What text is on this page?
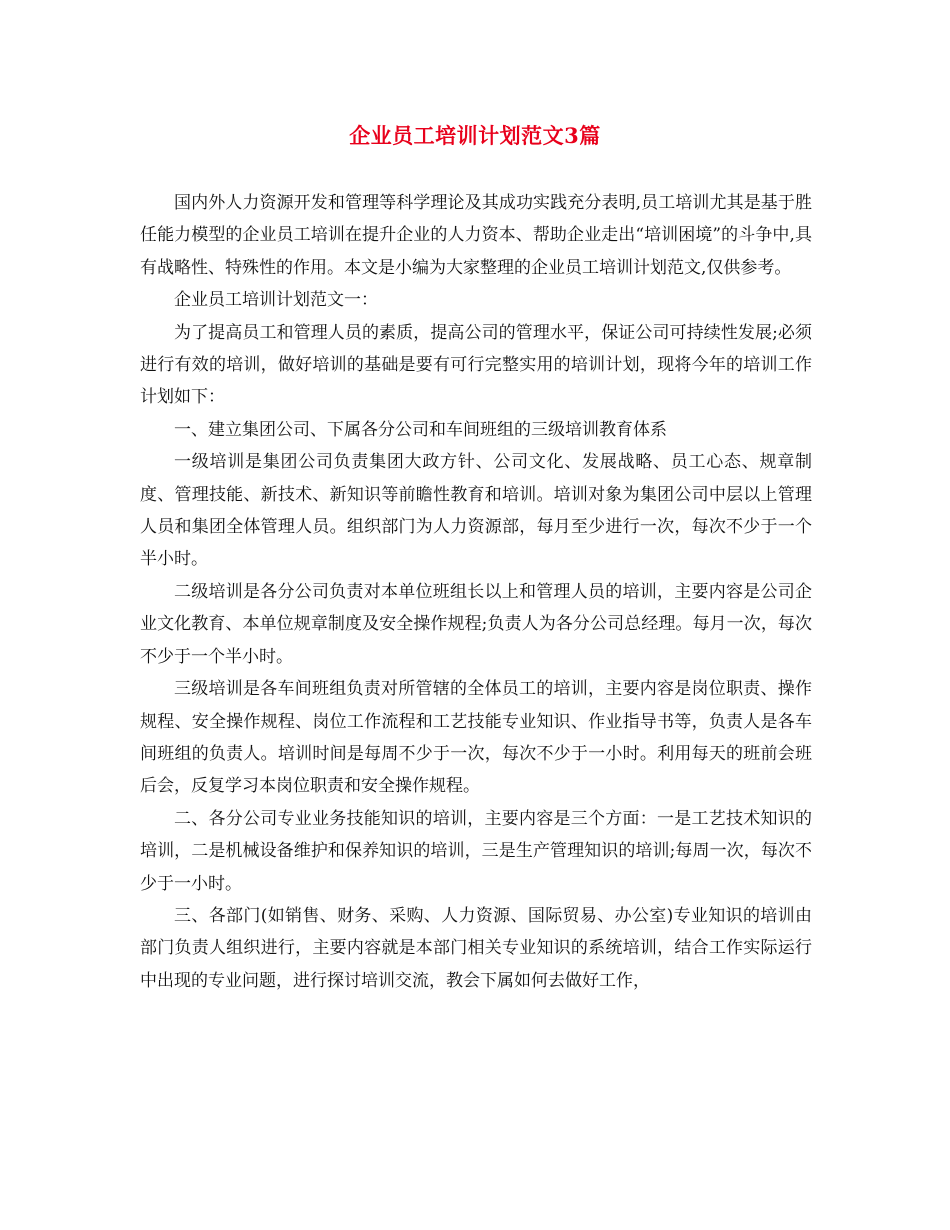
企业员工培训计划范文3篇

国内外人力资源开发和管理等科学理论及其成功实践充分表明,员工培训尤其是基于胜任能力模型的企业员工培训在提升企业的人力资本、帮助企业走出“培训困境”的斗争中,具有战略性、特殊性的作用。本文是小编为大家整理的企业员工培训计划范文,仅供参考。

企业员工培训计划范文一：

为了提高员工和管理人员的素质，提高公司的管理水平，保证公司可持续性发展;必须进行有效的培训，做好培训的基础是要有可行完整实用的培训计划，现将今年的培训工作计划如下：

一、建立集团公司、下属各分公司和车间班组的三级培训教育体系

一级培训是集团公司负责集团大政方针、公司文化、发展战略、员工心态、规章制度、管理技能、新技术、新知识等前瞻性教育和培训。培训对象为集团公司中层以上管理人员和集团全体管理人员。组织部门为人力资源部，每月至少进行一次，每次不少于一个半小时。

二级培训是各分公司负责对本单位班组长以上和管理人员的培训，主要内容是公司企业文化教育、本单位规章制度及安全操作规程;负责人为各分公司总经理。每月一次，每次不少于一个半小时。

三级培训是各车间班组负责对所管辖的全体员工的培训，主要内容是岗位职责、操作规程、安全操作规程、岗位工作流程和工艺技能专业知识、作业指导书等，负责人是各车间班组的负责人。培训时间是每周不少于一次，每次不少于一小时。利用每天的班前会班后会，反复学习本岗位职责和安全操作规程。

二、各分公司专业业务技能知识的培训，主要内容是三个方面：一是工艺技术知识的培训，二是机械设备维护和保养知识的培训，三是生产管理知识的培训;每周一次，每次不少于一小时。

三、各部门(如销售、财务、采购、人力资源、国际贸易、办公室)专业知识的培训由部门负责人组织进行，主要内容就是本部门相关专业知识的系统培训，结合工作实际运行中出现的专业问题，进行探讨培训交流，教会下属如何去做好工作，
